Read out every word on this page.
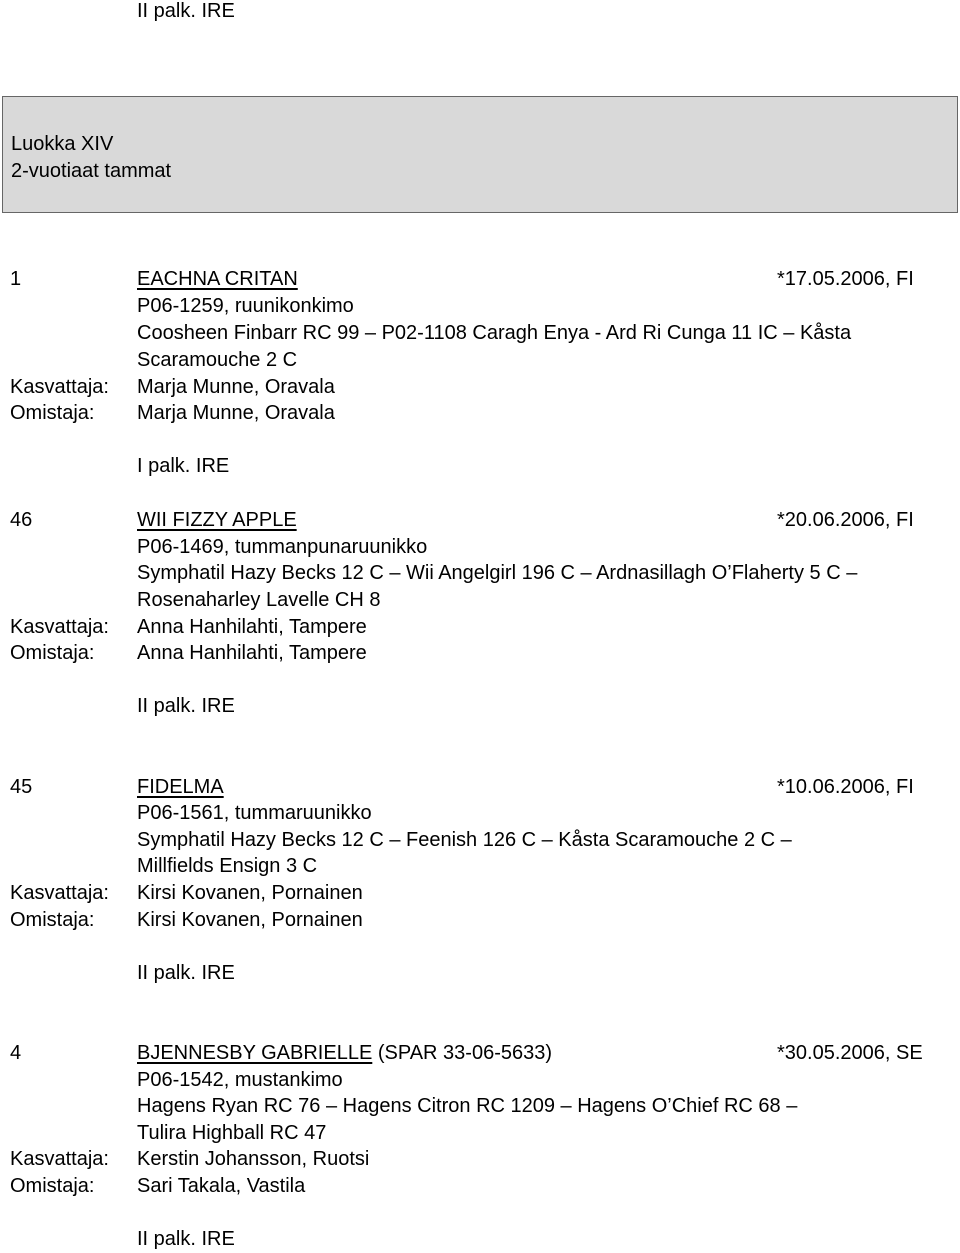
II palk. IRE
Luokka XIV
2-vuotiaat tammat
1	EACHNA CRITAN	*17.05.2006, FI
P06-1259, ruunikonkimo
Coosheen Finbarr RC 99 – P02-1108 Caragh Enya - Ard Ri Cunga 11 IC – Kåsta
Scaramouche 2 C
Kasvattaja: Marja Munne, Oravala
Omistaja: Marja Munne, Oravala
I palk. IRE
46	WII FIZZY APPLE	*20.06.2006, FI
P06-1469, tummanpunaruunikko
Symphatil Hazy Becks 12 C – Wii Angelgirl 196 C – Ardnasillagh O’Flaherty 5 C –
Rosenaharley Lavelle CH 8
Kasvattaja: Anna Hanhilahti, Tampere
Omistaja: Anna Hanhilahti, Tampere
II palk. IRE
45	FIDELMA	*10.06.2006, FI
P06-1561, tummaruunikko
Symphatil Hazy Becks 12 C – Feenish 126 C – Kåsta Scaramouche 2 C –
Millfields Ensign 3 C
Kasvattaja: Kirsi Kovanen, Pornainen
Omistaja: Kirsi Kovanen, Pornainen
II palk. IRE
4	BJENNESBY GABRIELLE (SPAR 33-06-5633)	*30.05.2006, SE
P06-1542, mustankimo
Hagens Ryan RC 76 – Hagens Citron RC 1209 – Hagens O’Chief RC 68 –
Tulira Highball RC 47
Kasvattaja: Kerstin Johansson, Ruotsi
Omistaja: Sari Takala, Vastila
II palk. IRE
